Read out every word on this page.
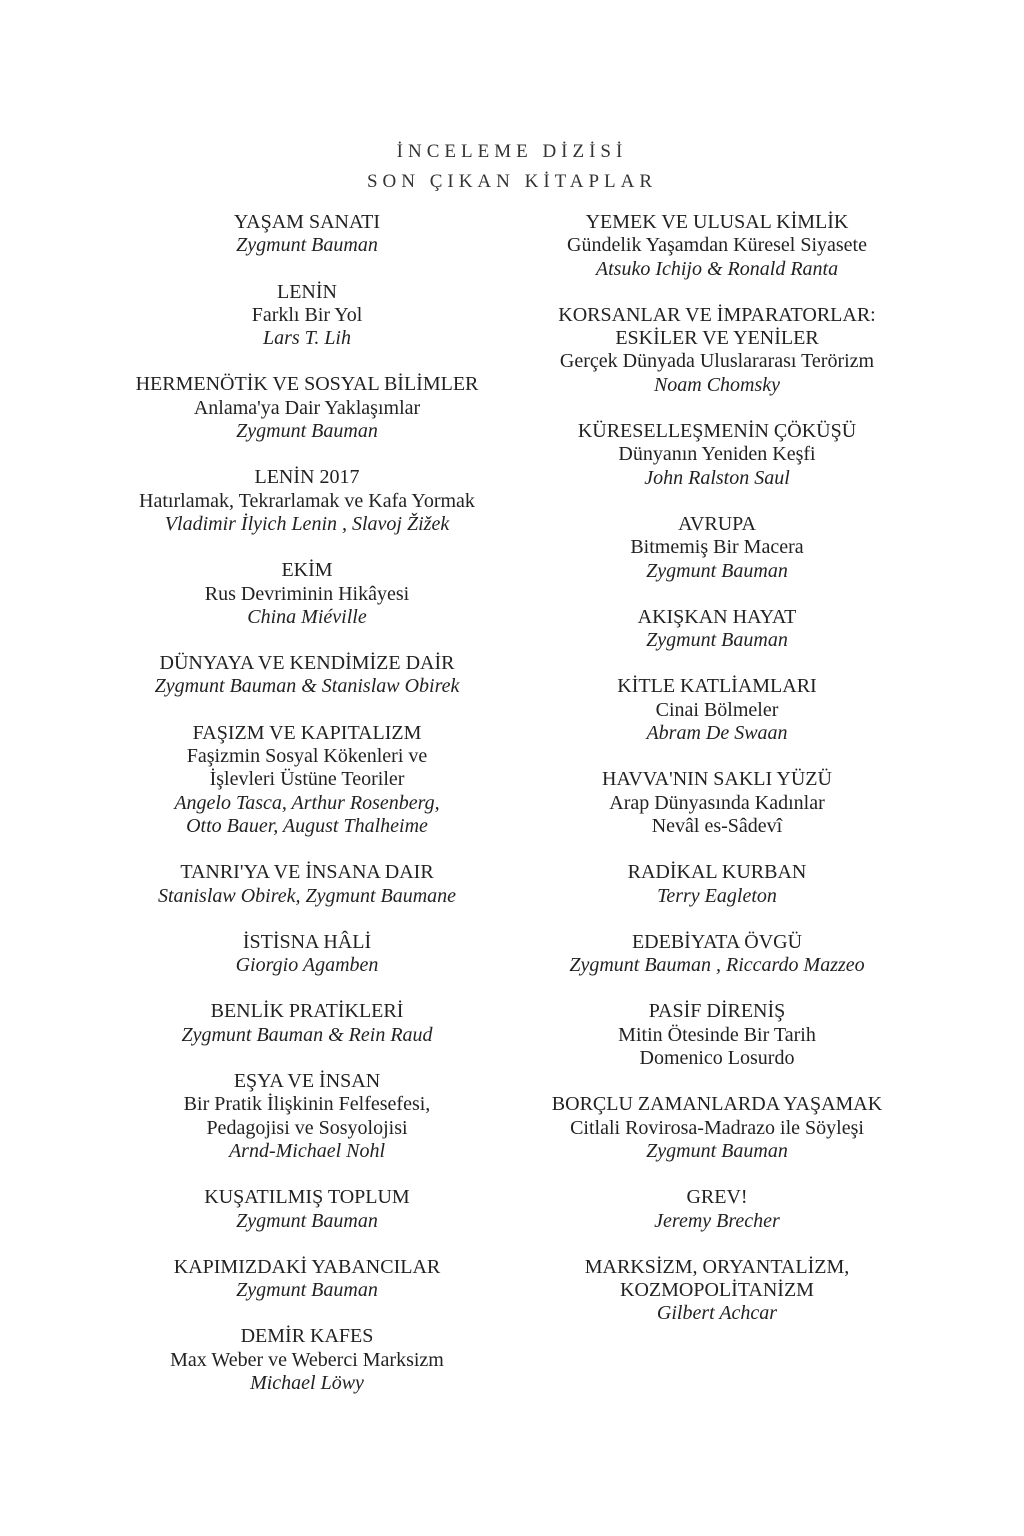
İNCELEME DİZİSİ
SON ÇIKAN KİTAPLAR
YAŞAM SANATI
Zygmunt Bauman
LENİN
Farklı Bir Yol
Lars T. Lih
HERMENÖTİK VE SOSYAL BİLİMLER
Anlama'ya Dair Yaklaşımlar
Zygmunt Bauman
LENİN 2017
Hatırlamak, Tekrarlamak ve Kafa Yormak
Vladimir İlyich Lenin , Slavoj Žižek
EKİM
Rus Devriminin Hikâyesi
China Miéville
DÜNYAYA VE KENDİMİZE DAİR
Zygmunt Bauman & Stanislaw Obirek
FAŞIZM VE KAPITALIZM
Faşizmin Sosyal Kökenleri ve
İşlevleri Üstüne Teoriler
Angelo Tasca, Arthur Rosenberg,
Otto Bauer, August Thalheime
TANRI'YA VE İNSANA DAIR
Stanislaw Obirek, Zygmunt Baumane
İSTİSNA HÂLİ
Giorgio Agamben
BENLİK PRATİKLERİ
Zygmunt Bauman & Rein Raud
EŞYA VE İNSAN
Bir Pratik İlişkinin Felfesefesi,
Pedagojisi ve Sosyolojisi
Arnd-Michael Nohl
KUŞATILMIŞ TOPLUM
Zygmunt Bauman
KAPIMIZDAKİ YABANCILAR
Zygmunt Bauman
DEMİR KAFES
Max Weber ve Weberci Marksizm
Michael Löwy
YEMEK VE ULUSAL KİMLİK
Gündelik Yaşamdan Küresel Siyasete
Atsuko Ichijo & Ronald Ranta
KORSANLAR VE İMPARATORLAR:
ESKİLER VE YENİLER
Gerçek Dünyada Uluslararası Terörizm
Noam Chomsky
KÜRESELLEŞMENİN ÇÖKÜŞÜ
Dünyanın Yeniden Keşfi
John Ralston Saul
AVRUPA
Bitmemiş Bir Macera
Zygmunt Bauman
AKIŞKAN HAYAT
Zygmunt Bauman
KİTLE KATLİAMLARI
Cinai Bölmeler
Abram De Swaan
HAVVA'NIN SAKLI YÜZÜ
Arap Dünyasında Kadınlar
Nevâl es-Sâdevî
RADİKAL KURBAN
Terry Eagleton
EDEBİYATA ÖVGÜ
Zygmunt Bauman , Riccardo Mazzeo
PASİF DİRENİŞ
Mitin Ötesinde Bir Tarih
Domenico Losurdo
BORÇLU ZAMANLARDA YAŞAMAK
Citlali Rovirosa-Madrazo ile Söyleşi
Zygmunt Bauman
GREV!
Jeremy Brecher
MARKSİZM, ORYANTALİZM,
KOZMOPOLİTANİZM
Gilbert Achcar
